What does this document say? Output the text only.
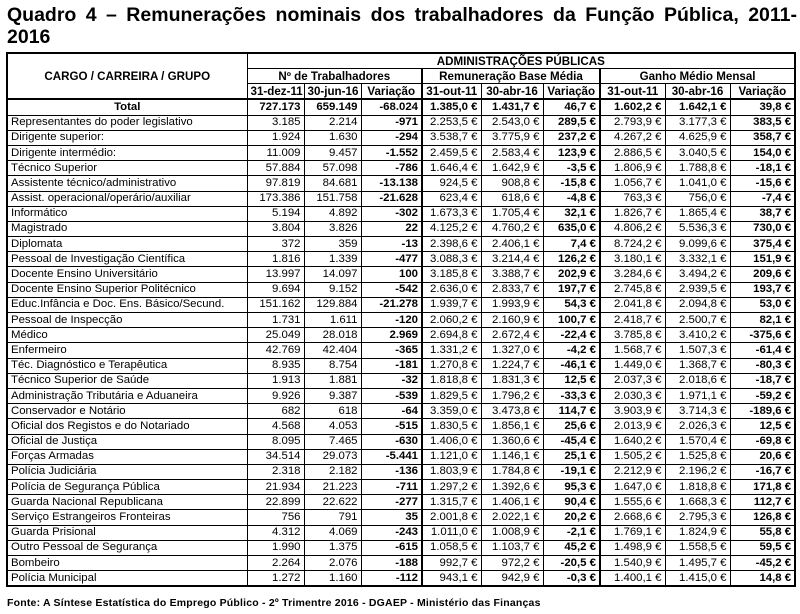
Quadro 4 – Remunerações nominais dos trabalhadores da Função Pública, 2011-2016
CARGO / CARREIRA / GRUPO	ADMINISTRAÇÕES PÚBLICAS								
	Nº de Trabalhadores			Remuneração Base Média			Ganho Médio Mensal		
	31-dez-11	30-jun-16	Variação	31-out-11	30-abr-16	Variação	31-out-11	30-abr-16	Variação
Total	727.173	659.149	-68.024	1.385,0 €	1.431,7 €	46,7 €	1.602,2 €	1.642,1 €	39,8 €
Representantes do poder legislativo	3.185	2.214	-971	2.253,5 €	2.543,0 €	289,5 €	2.793,9 €	3.177,3 €	383,5 €
Dirigente superior:	1.924	1.630	-294	3.538,7 €	3.775,9 €	237,2 €	4.267,2 €	4.625,9 €	358,7 €
Dirigente intermédio:	11.009	9.457	-1.552	2.459,5 €	2.583,4 €	123,9 €	2.886,5 €	3.040,5 €	154,0 €
Técnico Superior	57.884	57.098	-786	1.646,4 €	1.642,9 €	-3,5 €	1.806,9 €	1.788,8 €	-18,1 €
Assistente técnico/administrativo	97.819	84.681	-13.138	924,5 €	908,8 €	-15,8 €	1.056,7 €	1.041,0 €	-15,6 €
Assist. operacional/operário/auxiliar	173.386	151.758	-21.628	623,4 €	618,6 €	-4,8 €	763,3 €	756,0 €	-7,4 €
Informático	5.194	4.892	-302	1.673,3 €	1.705,4 €	32,1 €	1.826,7 €	1.865,4 €	38,7 €
Magistrado	3.804	3.826	22	4.125,2 €	4.760,2 €	635,0 €	4.806,2 €	5.536,3 €	730,0 €
Diplomata	372	359	-13	2.398,6 €	2.406,1 €	7,4 €	8.724,2 €	9.099,6 €	375,4 €
Pessoal de Investigação Científica	1.816	1.339	-477	3.088,3 €	3.214,4 €	126,2 €	3.180,1 €	3.332,1 €	151,9 €
Docente Ensino Universitário	13.997	14.097	100	3.185,8 €	3.388,7 €	202,9 €	3.284,6 €	3.494,2 €	209,6 €
Docente Ensino Superior Politécnico	9.694	9.152	-542	2.636,0 €	2.833,7 €	197,7 €	2.745,8 €	2.939,5 €	193,7 €
Educ.Infância e Doc. Ens. Básico/Secund.	151.162	129.884	-21.278	1.939,7 €	1.993,9 €	54,3 €	2.041,8 €	2.094,8 €	53,0 €
Pessoal de Inspecção	1.731	1.611	-120	2.060,2 €	2.160,9 €	100,7 €	2.418,7 €	2.500,7 €	82,1 €
Médico	25.049	28.018	2.969	2.694,8 €	2.672,4 €	-22,4 €	3.785,8 €	3.410,2 €	-375,6 €
Enfermeiro	42.769	42.404	-365	1.331,2 €	1.327,0 €	-4,2 €	1.568,7 €	1.507,3 €	-61,4 €
Téc. Diagnóstico e Terapêutica	8.935	8.754	-181	1.270,8 €	1.224,7 €	-46,1 €	1.449,0 €	1.368,7 €	-80,3 €
Técnico Superior de Saúde	1.913	1.881	-32	1.818,8 €	1.831,3 €	12,5 €	2.037,3 €	2.018,6 €	-18,7 €
Administração Tributária e Aduaneira	9.926	9.387	-539	1.829,5 €	1.796,2 €	-33,3 €	2.030,3 €	1.971,1 €	-59,2 €
Conservador e Notário	682	618	-64	3.359,0 €	3.473,8 €	114,7 €	3.903,9 €	3.714,3 €	-189,6 €
Oficial dos Registos e do Notariado	4.568	4.053	-515	1.830,5 €	1.856,1 €	25,6 €	2.013,9 €	2.026,3 €	12,5 €
Oficial de Justiça	8.095	7.465	-630	1.406,0 €	1.360,6 €	-45,4 €	1.640,2 €	1.570,4 €	-69,8 €
Forças Armadas	34.514	29.073	-5.441	1.121,0 €	1.146,1 €	25,1 €	1.505,2 €	1.525,8 €	20,6 €
Polícia Judiciária	2.318	2.182	-136	1.803,9 €	1.784,8 €	-19,1 €	2.212,9 €	2.196,2 €	-16,7 €
Polícia de Segurança Pública	21.934	21.223	-711	1.297,2 €	1.392,6 €	95,3 €	1.647,0 €	1.818,8 €	171,8 €
Guarda Nacional Republicana	22.899	22.622	-277	1.315,7 €	1.406,1 €	90,4 €	1.555,6 €	1.668,3 €	112,7 €
Serviço Estrangeiros Fronteiras	756	791	35	2.001,8 €	2.022,1 €	20,2 €	2.668,6 €	2.795,3 €	126,8 €
Guarda Prisional	4.312	4.069	-243	1.011,0 €	1.008,9 €	-2,1 €	1.769,1 €	1.824,9 €	55,8 €
Outro Pessoal de Segurança	1.990	1.375	-615	1.058,5 €	1.103,7 €	45,2 €	1.498,9 €	1.558,5 €	59,5 €
Bombeiro	2.264	2.076	-188	992,7 €	972,2 €	-20,5 €	1.540,9 €	1.495,7 €	-45,2 €
Polícia Municipal	1.272	1.160	-112	943,1 €	942,9 €	-0,3 €	1.400,1 €	1.415,0 €	14,8 €
Fonte: A Síntese Estatística do Emprego Público - 2º Trimentre 2016 - DGAEP - Ministério das Finanças
